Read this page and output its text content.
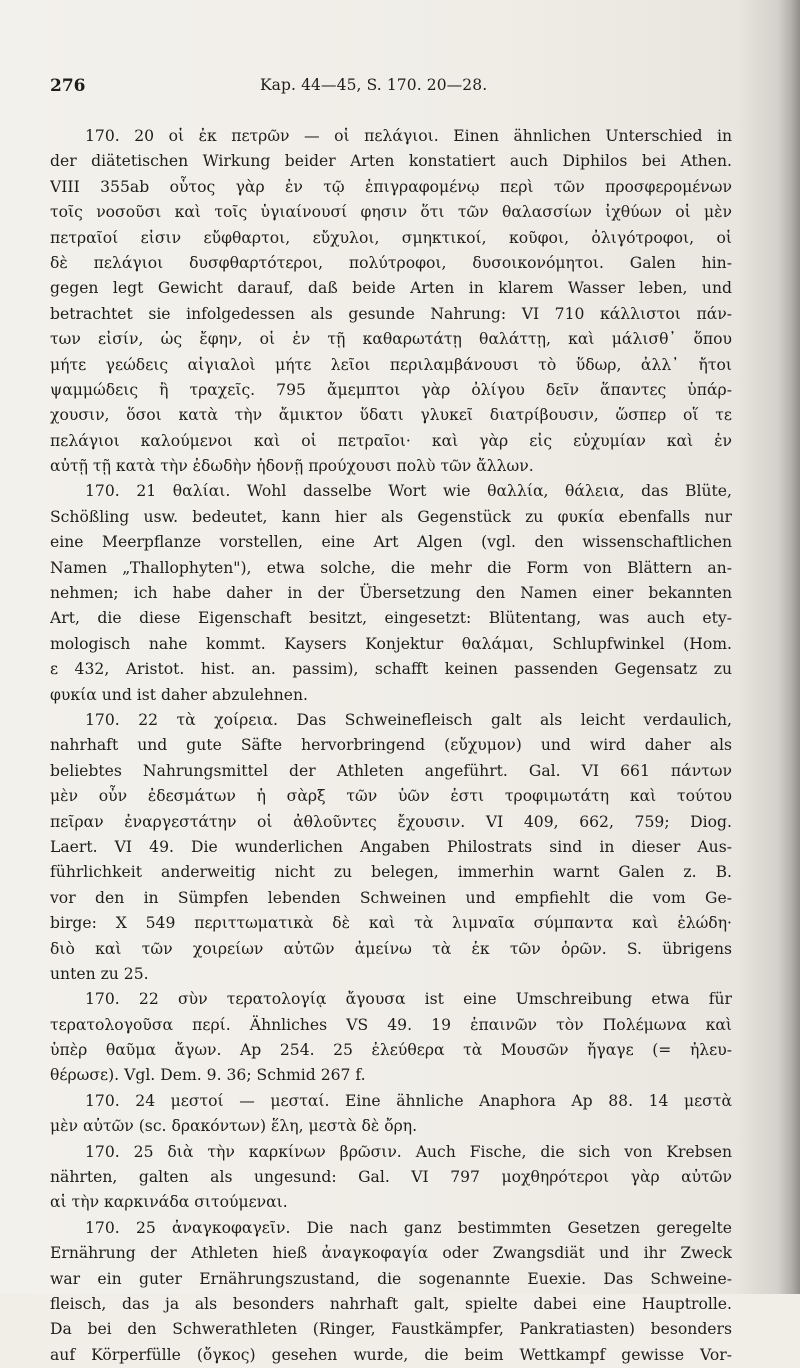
276	Kap. 44—45, S. 170. 20—28.
170. 20 οἱ ἐκ πετρῶν — οἱ πελάγιοι. Einen ähnlichen Unterschied in
der diätetischen Wirkung beider Arten konstatiert auch Diphilos bei Athen.
VIII 355ab οὗτος γὰρ ἐν τῷ ἐπιγραφομένῳ περὶ τῶν προσφερομένων
τοῖς νοσοῦσι καὶ τοῖς ὑγιαίνουσί φησιν ὅτι τῶν θαλασσίων ἰχθύων οἱ μὲν
πετραῖοί εἰσιν εὔφθαρτοι, εὔχυλοι, σμηκτικοί, κοῦφοι, ὀλιγότροφοι, οἱ
δὲ πελάγιοι δυσφθαρτότεροι, πολύτροφοι, δυσοικονόμητοι. Galen hin-
gegen legt Gewicht darauf, daß beide Arten in klarem Wasser leben, und
betrachtet sie infolgedessen als gesunde Nahrung: VI 710 κάλλιστοι πάν-
των εἰσίν, ὡς ἔφην, οἱ ἐν τῇ καθαρωτάτῃ θαλάττῃ, καὶ μάλισθ᾽ ὅπου
μήτε γεώδεις αἰγιαλοὶ μήτε λεῖοι περιλαμβάνουσι τὸ ὕδωρ, ἀλλ᾽ ἤτοι
ψαμμώδεις ἢ τραχεῖς. 795 ἄμεμπτοι γὰρ ὀλίγου δεῖν ἅπαντες ὑπάρ-
χουσιν, ὅσοι κατὰ τὴν ἄμικτον ὕδατι γλυκεῖ διατρίβουσιν, ὥσπερ οἵ τε
πελάγιοι καλούμενοι καὶ οἱ πετραῖοι· καὶ γὰρ εἰς εὐχυμίαν καὶ ἐν
αὐτῇ τῇ κατὰ τὴν ἐδωδὴν ἡδονῇ προύχουσι πολὺ τῶν ἄλλων.
170. 21 θαλίαι. Wohl dasselbe Wort wie θαλλία, θάλεια, das Blüte,
Schößling usw. bedeutet, kann hier als Gegenstück zu φυκία ebenfalls nur
eine Meerpflanze vorstellen, eine Art Algen (vgl. den wissenschaftlichen
Namen „Thallophyten"), etwa solche, die mehr die Form von Blättern an-
nehmen; ich habe daher in der Übersetzung den Namen einer bekannten
Art, die diese Eigenschaft besitzt, eingesetzt: Blütentang, was auch ety-
mologisch nahe kommt. Kaysers Konjektur θαλάμαι, Schlupfwinkel (Hom.
ε 432, Aristot. hist. an. passim), schafft keinen passenden Gegensatz zu
φυκία und ist daher abzulehnen.
170. 22 τὰ χοίρεια. Das Schweinefleisch galt als leicht verdaulich,
nahrhaft und gute Säfte hervorbringend (εὔχυμον) und wird daher als
beliebtes Nahrungsmittel der Athleten angeführt. Gal. VI 661 πάντων
μὲν οὖν ἐδεσμάτων ἡ σὰρξ τῶν ὑῶν ἐστι τροφιμωτάτη καὶ τούτου
πεῖραν ἐναργεστάτην οἱ ἀθλοῦντες ἔχουσιν. VI 409, 662, 759; Diog.
Laert. VI 49. Die wunderlichen Angaben Philostrats sind in dieser Aus-
führlichkeit anderweitig nicht zu belegen, immerhin warnt Galen z. B.
vor den in Sümpfen lebenden Schweinen und empfiehlt die vom Ge-
birge: X 549 περιττωματικὰ δὲ καὶ τὰ λιμναῖα σύμπαντα καὶ ἑλώδη·
διὸ καὶ τῶν χοιρείων αὐτῶν ἀμείνω τὰ ἐκ τῶν ὀρῶν. S. übrigens
unten zu 25.
170. 22 σὺν τερατολογίᾳ ἄγουσα ist eine Umschreibung etwa für
τερατολογοῦσα περί. Ähnliches VS 49. 19 ἐπαινῶν τὸν Πολέμωνα καὶ
ὑπὲρ θαῦμα ἄγων. Ap 254. 25 ἐλεύθερα τὰ Μουσῶν ἤγαγε (= ἠλευ-
θέρωσε). Vgl. Dem. 9. 36; Schmid 267 f.
170. 24 μεστοί — μεσταί. Eine ähnliche Anaphora Ap 88. 14 μεστὰ
μὲν αὐτῶν (sc. δρακόντων) ἕλη, μεστὰ δὲ ὄρη.
170. 25 διὰ τὴν καρκίνων βρῶσιν. Auch Fische, die sich von Krebsen
nährten, galten als ungesund: Gal. VI 797 μοχθηρότεροι γὰρ αὐτῶν
αἱ τὴν καρκινάδα σιτούμεναι.
170. 25 ἀναγκοφαγεῖν. Die nach ganz bestimmten Gesetzen geregelte
Ernährung der Athleten hieß ἀναγκοφαγία oder Zwangsdiät und ihr Zweck
war ein guter Ernährungszustand, die sogenannte Euexie. Das Schweine-
fleisch, das ja als besonders nahrhaft galt, spielte dabei eine Hauptrolle.
Da bei den Schwerathleten (Ringer, Faustkämpfer, Pankratiasten) besonders
auf Körperfülle (ὄγκος) gesehen wurde, die beim Wettkampf gewisse Vor-
